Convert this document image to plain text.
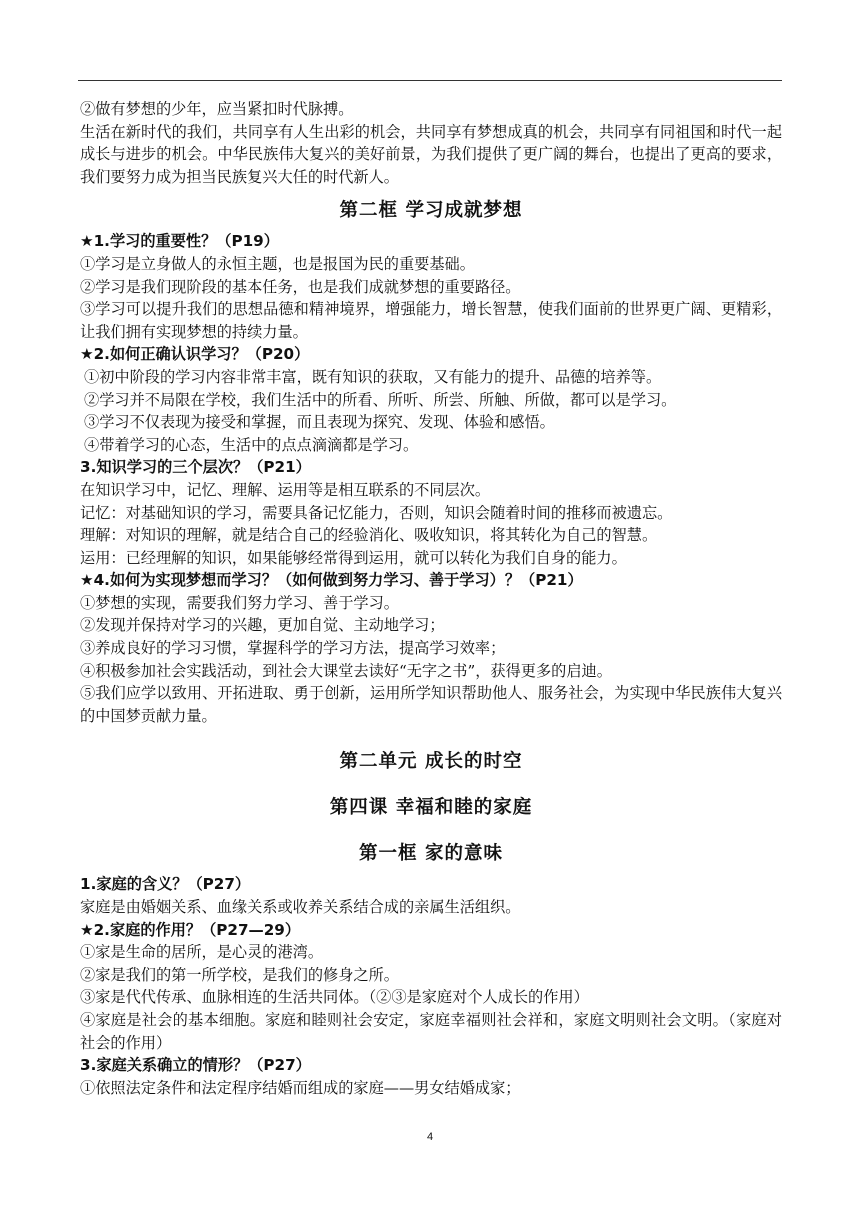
②做有梦想的少年，应当紧扣时代脉搏。

生活在新时代的我们，共同享有人生出彩的机会，共同享有梦想成真的机会，共同享有同祖国和时代一起成长与进步的机会。中华民族伟大复兴的美好前景，为我们提供了更广阔的舞台，也提出了更高的要求，我们要努力成为担当民族复兴大任的时代新人。

第二框 学习成就梦想
★1.学习的重要性？（P19）

①学习是立身做人的永恒主题，也是报国为民的重要基础。

②学习是我们现阶段的基本任务，也是我们成就梦想的重要路径。

③学习可以提升我们的思想品德和精神境界，增强能力，增长智慧，使我们面前的世界更广阔、更精彩，让我们拥有实现梦想的持续力量。

★2.如何正确认识学习？（P20）

①初中阶段的学习内容非常丰富，既有知识的获取，又有能力的提升、品德的培养等。

②学习并不局限在学校，我们生活中的所看、所听、所尝、所触、所做，都可以是学习。

③学习不仅表现为接受和掌握，而且表现为探究、发现、体验和感悟。

④带着学习的心态，生活中的点点滴滴都是学习。

3.知识学习的三个层次？（P21）

在知识学习中，记忆、理解、运用等是相互联系的不同层次。

记忆：对基础知识的学习，需要具备记忆能力，否则，知识会随着时间的推移而被遗忘。

理解：对知识的理解，就是结合自己的经验消化、吸收知识，将其转化为自己的智慧。

运用：已经理解的知识，如果能够经常得到运用，就可以转化为我们自身的能力。

★4.如何为实现梦想而学习？（如何做到努力学习、善于学习）？（P21）

①梦想的实现，需要我们努力学习、善于学习。

②发现并保持对学习的兴趣，更加自觉、主动地学习；

③养成良好的学习习惯，掌握科学的学习方法，提高学习效率；

④积极参加社会实践活动，到社会大课堂去读好“无字之书”，获得更多的启迪。

⑤我们应学以致用、开拓进取、勇于创新，运用所学知识帮助他人、服务社会，为实现中华民族伟大复兴的中国梦贡献力量。

第二单元 成长的时空
第四课 幸福和睦的家庭
第一框 家的意味
1.家庭的含义？（P27）

家庭是由婚姻关系、血缘关系或收养关系结合成的亲属生活组织。

★2.家庭的作用？（P27—29）

①家是生命的居所，是心灵的港湾。

②家是我们的第一所学校，是我们的修身之所。

③家是代代传承、血脉相连的生活共同体。（②③是家庭对个人成长的作用）

④家庭是社会的基本细胞。家庭和睦则社会安定，家庭幸福则社会祥和，家庭文明则社会文明。（家庭对社会的作用）

3.家庭关系确立的情形？（P27）

①依照法定条件和法定程序结婚而组成的家庭——男女结婚成家；

4
